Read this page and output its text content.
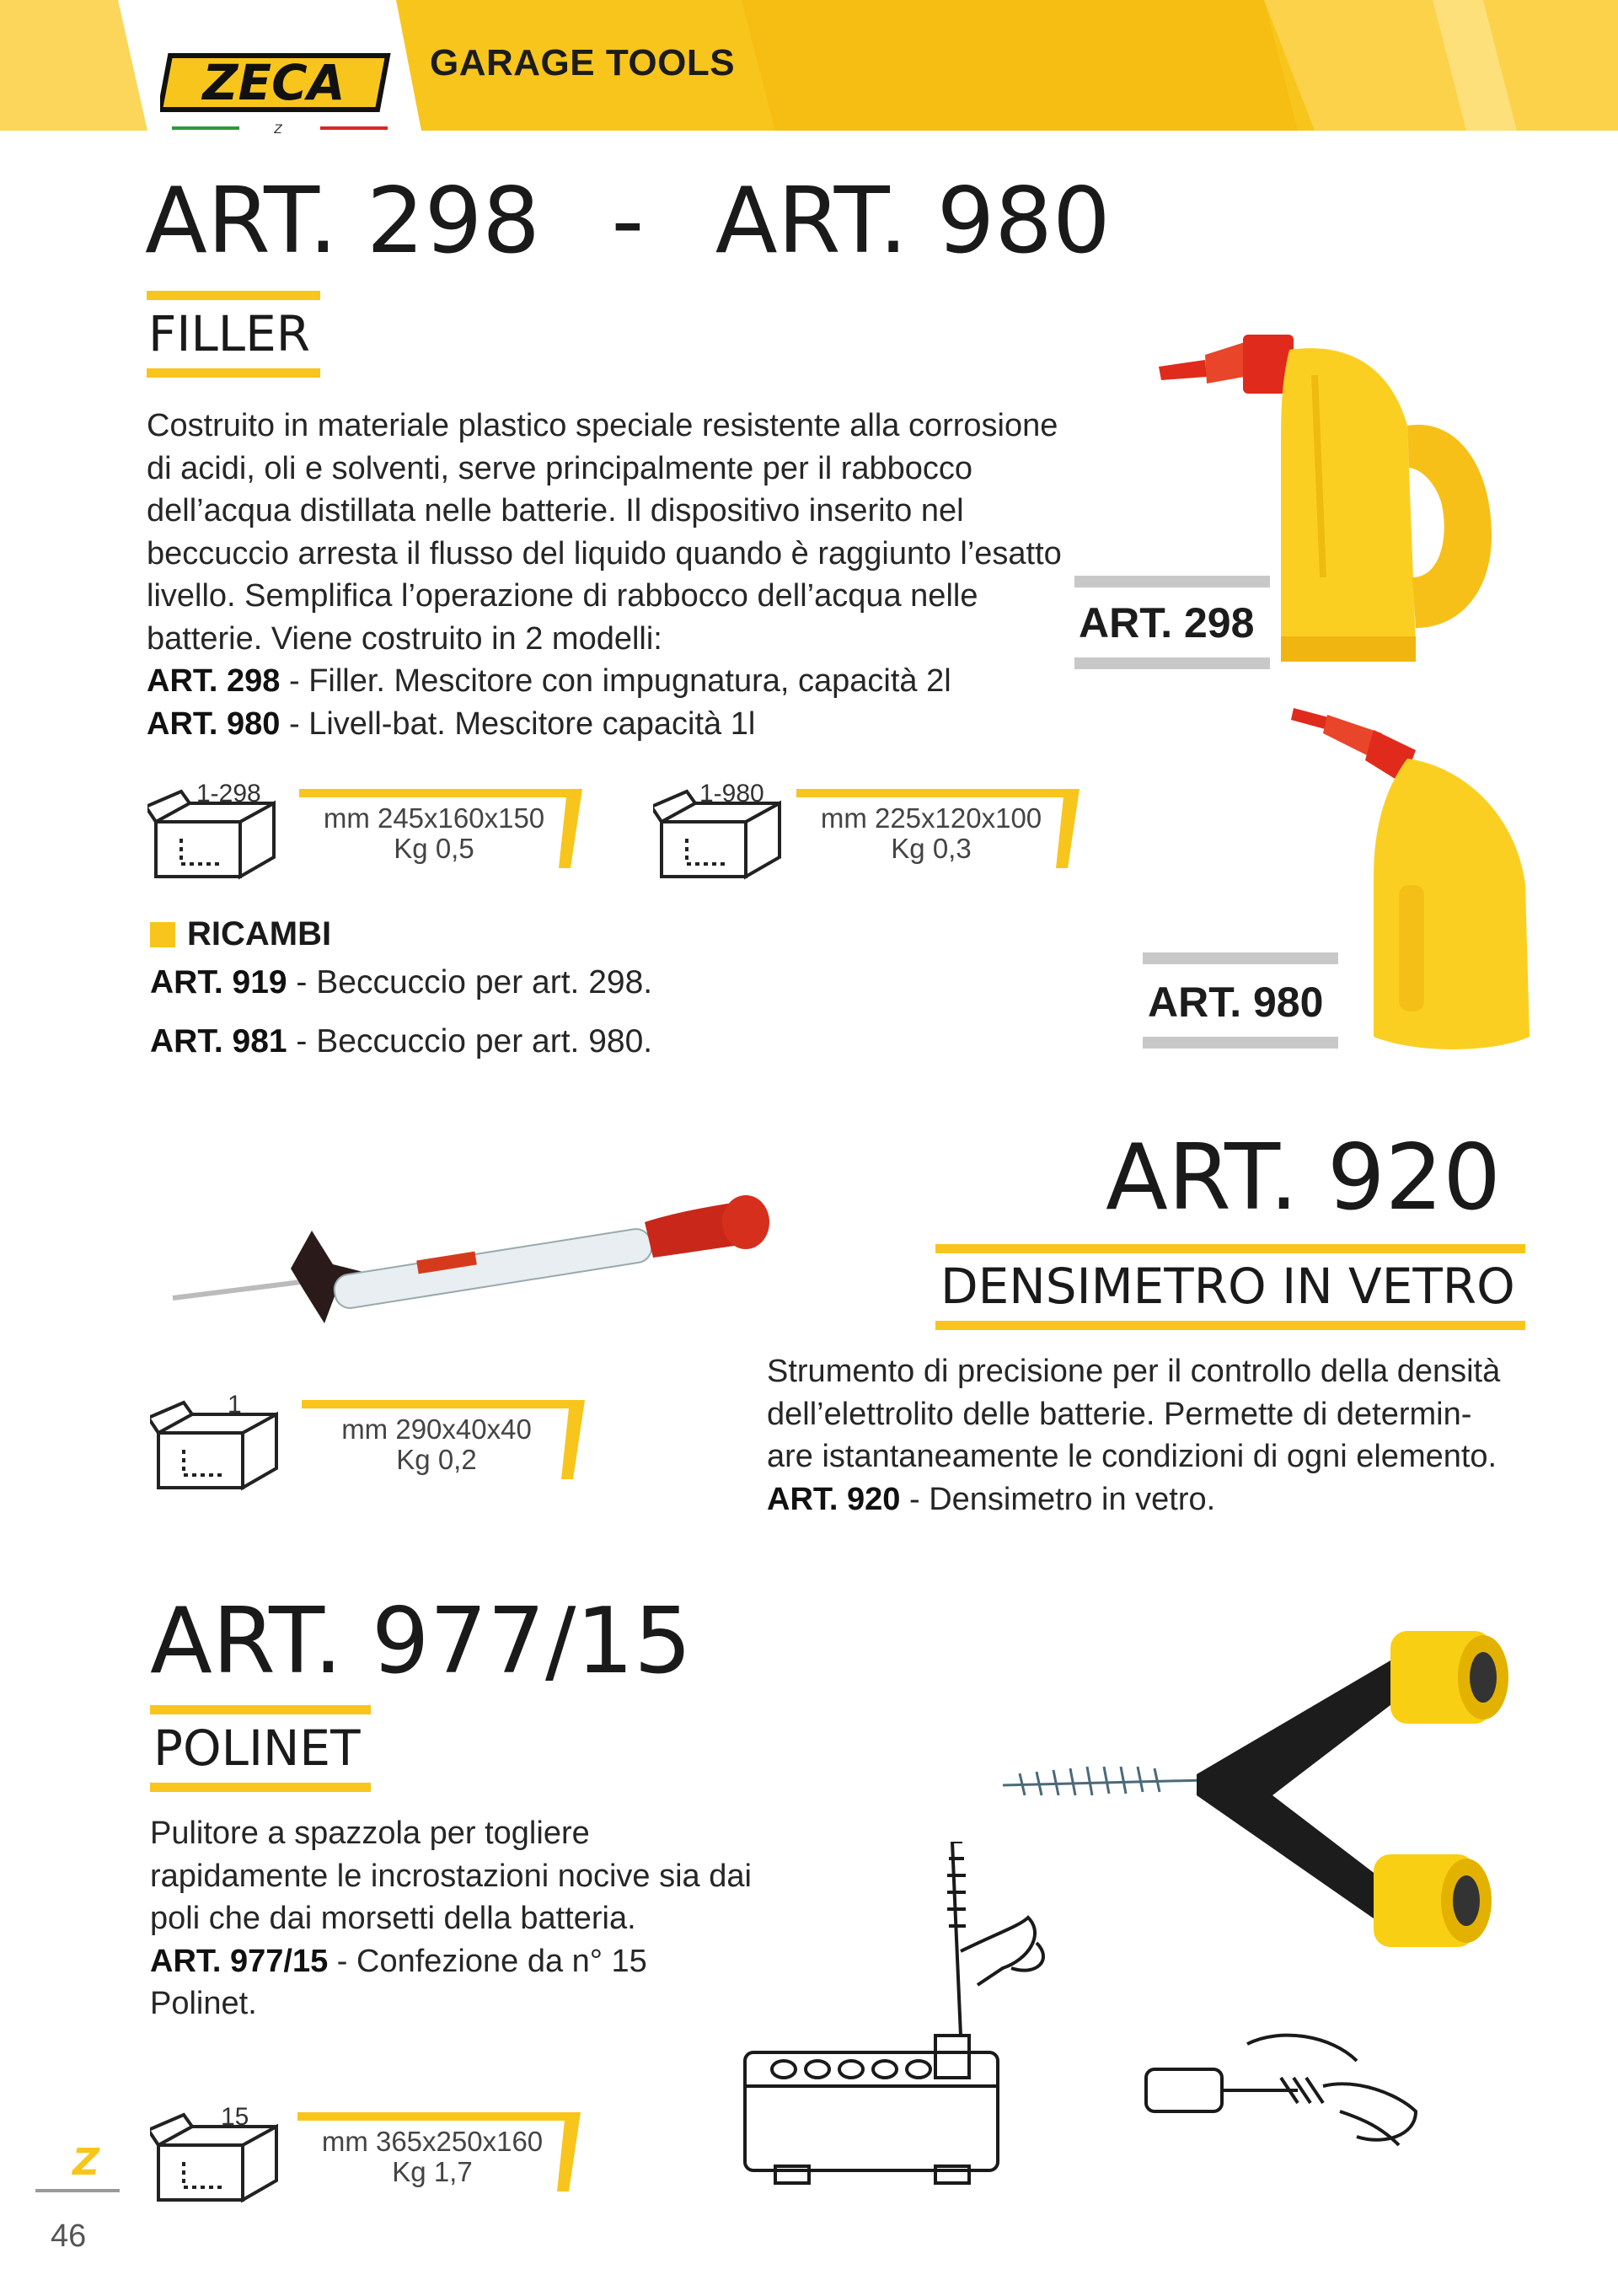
ZECA
Z
GARAGE TOOLS
ART. 298 - ART. 980
FILLER
Costruito in materiale plastico speciale resistente alla corrosione
di acidi, oli e solventi, serve principalmente per il rabbocco
dell’acqua distillata nelle batterie. Il dispositivo inserito nel
beccuccio arresta il flusso del liquido quando è raggiunto l’esatto
livello. Semplifica l’operazione di rabbocco dell’acqua nelle
batterie. Viene costruito in 2 modelli:
ART. 298 - Filler. Mescitore con impugnatura, capacità 2l
ART. 980 - Livell-bat. Mescitore capacità 1l
1-298
mm 245x160x150
Kg 0,5
1-980
mm 225x120x100
Kg 0,3
RICAMBI
ART. 919 - Beccuccio per art. 298.
ART. 981 - Beccuccio per art. 980.
ART. 298
ART. 980
ART. 920
DENSIMETRO IN VETRO
Strumento di precisione per il controllo della densità
dell’elettrolito delle batterie. Permette di determin-
are istantaneamente le condizioni di ogni elemento.
ART. 920 - Densimetro in vetro.
1
mm 290x40x40
Kg 0,2
ART. 977/15
POLINET
Pulitore a spazzola per togliere
rapidamente le incrostazioni nocive sia dai
poli che dai morsetti della batteria.
ART. 977/15 - Confezione da n° 15 Polinet.
15
mm 365x250x160
Kg 1,7
Z
46
